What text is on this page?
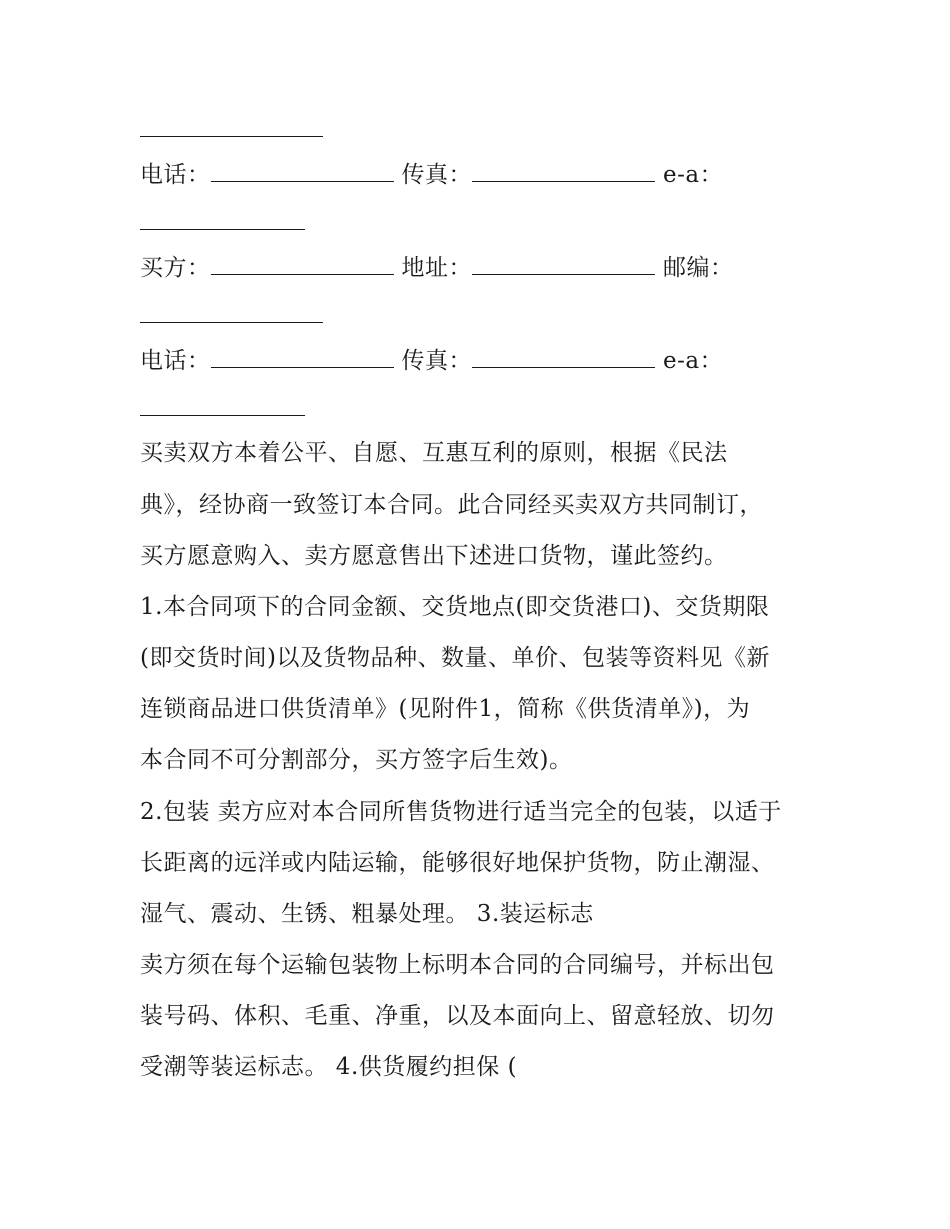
电话：	传真：	e-a：
买方：	地址：	邮编：
电话：	传真：	e-a：
买卖双方本着公平、自愿、互惠互利的原则，根据《民法
典》，经协商一致签订本合同。此合同经买卖双方共同制订，
买方愿意购入、卖方愿意售出下述进口货物，谨此签约。
1.本合同项下的合同金额、交货地点(即交货港口)、交货期限
(即交货时间)以及货物品种、数量、单价、包装等资料见《新
连锁商品进口供货清单》(见附件1，简称《供货清单》)，为
本合同不可分割部分，买方签字后生效)。
2.包装 卖方应对本合同所售货物进行适当完全的包装，以适于
长距离的远洋或内陆运输，能够很好地保护货物，防止潮湿、
湿气、震动、生锈、粗暴处理。 3.装运标志
卖方须在每个运输包装物上标明本合同的合同编号，并标出包
装号码、体积、毛重、净重，以及本面向上、留意轻放、切勿
受潮等装运标志。 4.供货履约担保 (
